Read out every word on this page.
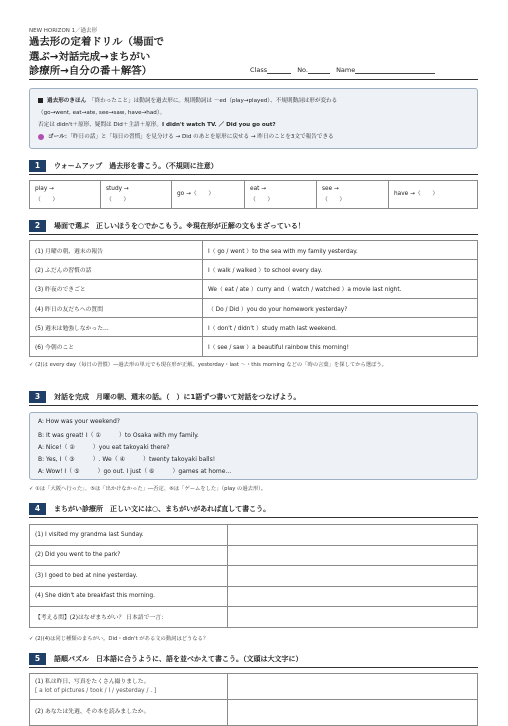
NEW HORIZON 1／過去形
過去形の定着ドリル（場面で
選ぶ→対話完成→まちがい
診療所→自分の番＋解答）	Class	No.	Name
過去形のきほん　 「終わったこと」は動詞を過去形に。規則動詞は －ed（play→played）、不規則動詞は形が変わる
（go→went, eat→ate, see→saw, have→had）。
否定は didn't＋原形、疑問は Did＋主語＋原形。I didn't watch TV. ／ Did you go out?
ゴール：「昨日の話」と「毎日の習慣」を見分ける → Did のあとを原形に戻せる → 昨日のことを3文で報告できる
1	ウォームアップ　過去形を書こう。（不規則に注意）
play →
（　　）

study →
（　　）

go →（　　）

eat →
（　　）

see →
（　　）

have →（　　）
2	場面で選ぶ　正しいほうを○でかこもう。※現在形が正解の文もまざっている！
(1) 月曜の朝、週末の報告	I（ go / went ）to the sea with my family yesterday.
(2) ふだんの習慣の話	I（ walk / walked ）to school every day.
(3) 昨夜のできごと	We（ eat / ate ）curry and（ watch / watched ）a movie last night.
(4) 昨日の友だちへの質問	（ Do / Did ）you do your homework yesterday?
(5) 週末は勉強しなかった…	I（ don't / didn't ）study math last weekend.
(6) 今朝のこと	I（ see / saw ）a beautiful rainbow this morning!
✓ (2)は every day（毎日の習慣）―過去形の単元でも現在形が正解。yesterday・last ～・this morning などの「時の言葉」を探してから選ぼう。
3	対話を完成　月曜の朝、週末の話。（　）に1語ずつ書いて対話をつなげよう。
A: How was your weekend?
B: It was great! I（ ①　　　）to Osaka with my family.
A: Nice!（ ②　　　）you eat takoyaki there?
B: Yes, I（ ③　　　）. We（ ④　　　）twenty takoyaki balls!
A: Wow! I（ ⑤　　　）go out. I just（ ⑥　　　）games at home...
✓ ①は「大阪へ行った」、⑤は「出かけなかった」―否定、⑥は「ゲームをした」（play の過去形）。
4	まちがい診療所　正しい文には○、まちがいがあれば直して書こう。
(1) I visited my grandma last Sunday.	
(2) Did you went to the park?	
(3) I goed to bed at nine yesterday.	
(4) She didn't ate breakfast this morning.	
【考える問】(2)はなぜまちがい？ 日本語で一言：	
✓ (2)(4)は同じ種類のまちがい。Did・didn't がある文の動詞はどうなる？
5	語順パズル　日本語に合うように、語を並べかえて書こう。（文頭は大文字に）
(1) 私は昨日、写真をたくさん撮りました。
[ a lot of pictures / took / I / yesterday / . ]	

(2) あなたは先週、その本を読みましたか。	
